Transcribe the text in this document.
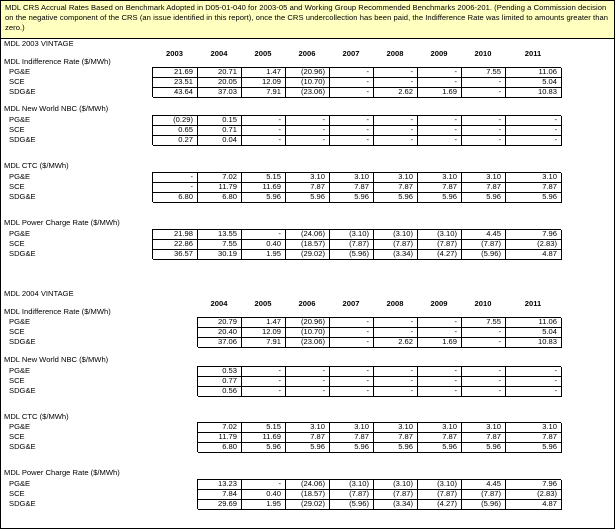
MDL CRS Accrual Rates Based on Benchmark Adopted in D05-01-040 for 2003-05 and Working Group Recommended Benchmarks 2006-201. (Pending a Commission decision on the negative component of the CRS (an issue identified in this report), once the CRS undercollection has been paid, the Indifference Rate was limited to amounts greater than zero.)
MDL 2003 VINTAGE
2003	2004	2005	2006	2007	2008	2009	2010	2011
MDL Indifference Rate ($/MWh)
PG&E	21.69	20.71	1.47	(20.96)	-	-	-	7.55	11.06
SCE	23.51	20.05	12.09	(10.70)	-	-	-	-	5.04
SDG&E	43.64	37.03	7.91	(23.06)	-	2.62	1.69	-	10.83
MDL New World NBC ($/MWh)
PG&E	(0.29)	0.15	-	-	-	-	-	-	-
SCE	0.65	0.71	-	-	-	-	-	-	-
SDG&E	0.27	0.04	-	-	-	-	-	-	-
MDL CTC ($/MWh)
PG&E	-	7.02	5.15	3.10	3.10	3.10	3.10	3.10	3.10
SCE	-	11.79	11.69	7.87	7.87	7.87	7.87	7.87	7.87
SDG&E	6.80	6.80	5.96	5.96	5.96	5.96	5.96	5.96	5.96
MDL Power Charge Rate ($/MWh)
PG&E	21.98	13.55	-	(24.06)	(3.10)	(3.10)	(3.10)	4.45	7.96
SCE	22.86	7.55	0.40	(18.57)	(7.87)	(7.87)	(7.87)	(7.87)	(2.83)
SDG&E	36.57	30.19	1.95	(29.02)	(5.96)	(3.34)	(4.27)	(5.96)	4.87
MDL 2004 VINTAGE
2004	2005	2006	2007	2008	2009	2010	2011
MDL Indifference Rate ($/MWh)
PG&E	20.79	1.47	(20.96)	-	-	-	7.55	11.06
SCE	20.40	12.09	(10.70)	-	-	-	-	5.04
SDG&E	37.06	7.91	(23.06)	-	2.62	1.69	-	10.83
MDL New World NBC ($/MWh)
PG&E	0.53	-	-	-	-	-	-	-
SCE	0.77	-	-	-	-	-	-	-
SDG&E	0.56	-	-	-	-	-	-	-
MDL CTC ($/MWh)
PG&E	7.02	5.15	3.10	3.10	3.10	3.10	3.10	3.10
SCE	11.79	11.69	7.87	7.87	7.87	7.87	7.87	7.87
SDG&E	6.80	5.96	5.96	5.96	5.96	5.96	5.96	5.96
MDL Power Charge Rate ($/MWh)
PG&E	13.23	-	(24.06)	(3.10)	(3.10)	(3.10)	4.45	7.96
SCE	7.84	0.40	(18.57)	(7.87)	(7.87)	(7.87)	(7.87)	(2.83)
SDG&E	29.69	1.95	(29.02)	(5.96)	(3.34)	(4.27)	(5.96)	4.87
